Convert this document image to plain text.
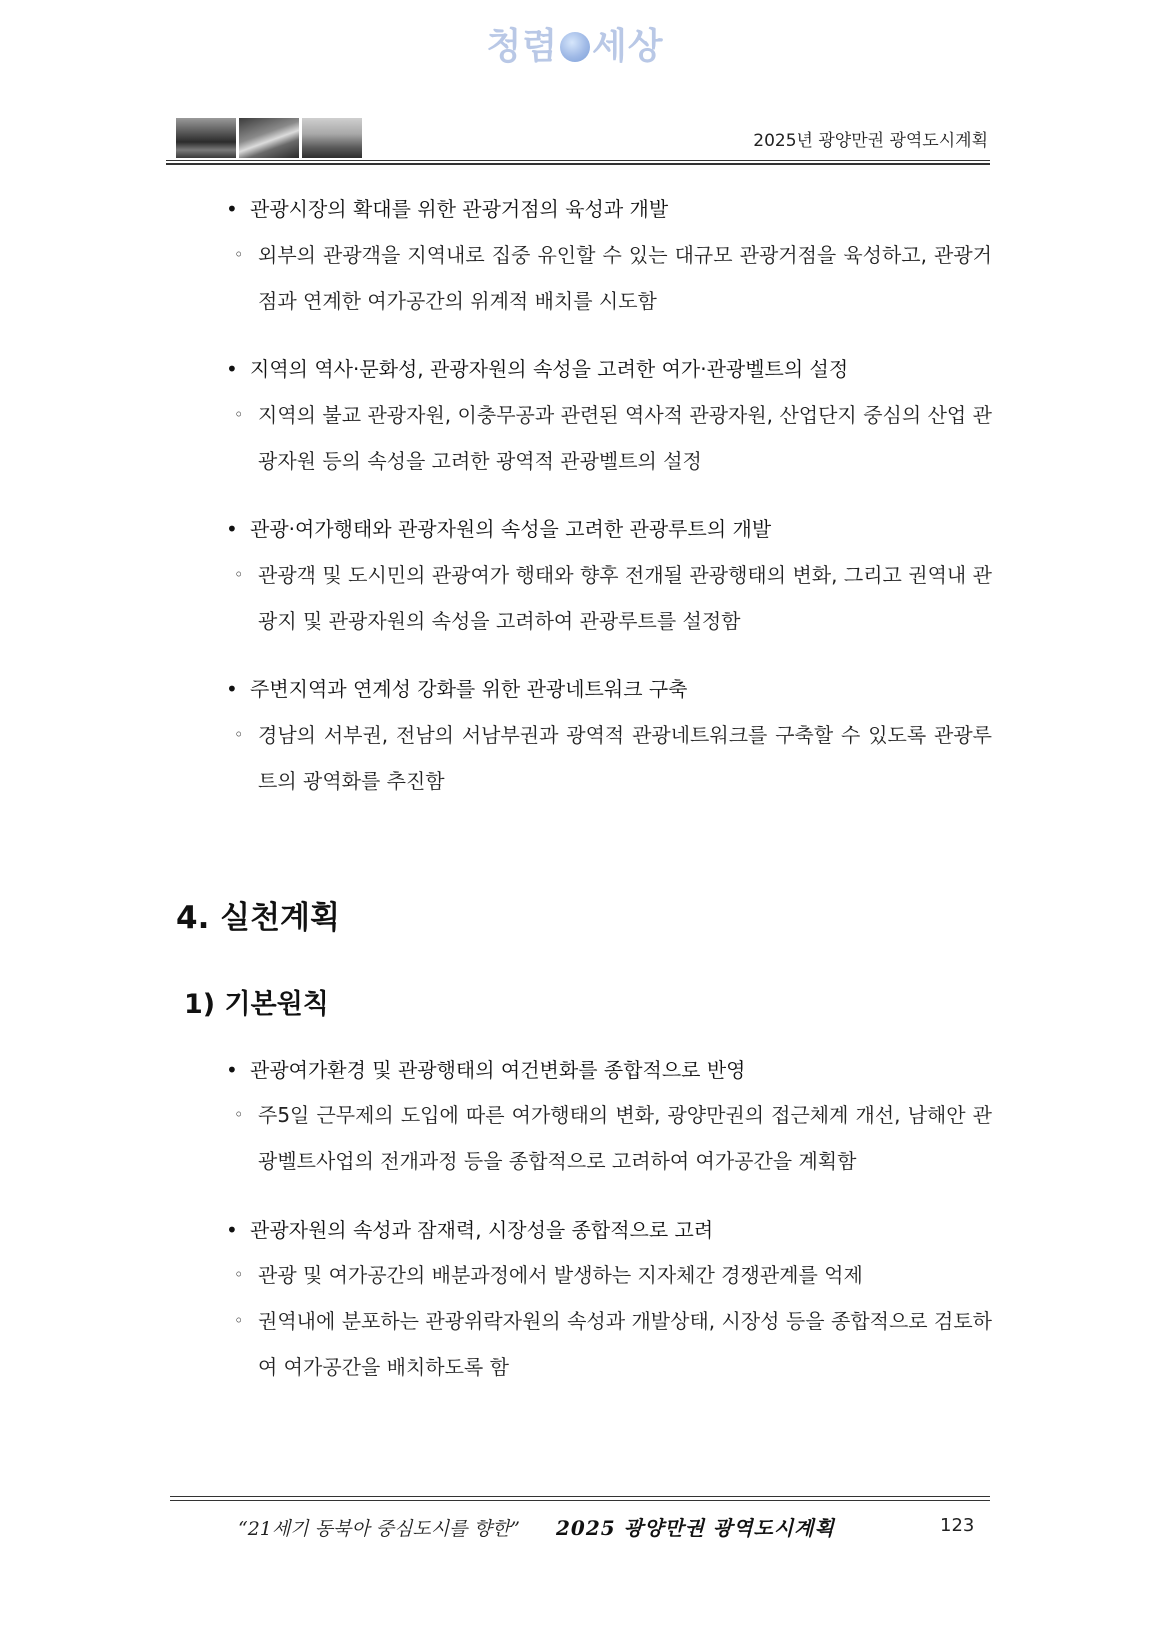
청렴 세상
2025년 광양만권 광역도시계획
• 관광시장의 확대를 위한 관광거점의 육성과 개발
◦ 외부의 관광객을 지역내로 집중 유인할 수 있는 대규모 관광거점을 육성하고, 관광거점과 연계한 여가공간의 위계적 배치를 시도함
• 지역의 역사·문화성, 관광자원의 속성을 고려한 여가·관광벨트의 설정
◦ 지역의 불교 관광자원, 이충무공과 관련된 역사적 관광자원, 산업단지 중심의 산업 관광자원 등의 속성을 고려한 광역적 관광벨트의 설정
• 관광·여가행태와 관광자원의 속성을 고려한 관광루트의 개발
◦ 관광객 및 도시민의 관광여가 행태와 향후 전개될 관광행태의 변화, 그리고 권역내 관광지 및 관광자원의 속성을 고려하여 관광루트를 설정함
• 주변지역과 연계성 강화를 위한 관광네트워크 구축
◦ 경남의 서부권, 전남의 서남부권과 광역적 관광네트워크를 구축할 수 있도록 관광루트의 광역화를 추진함
4. 실천계획
1) 기본원칙
• 관광여가환경 및 관광행태의 여건변화를 종합적으로 반영
◦ 주5일 근무제의 도입에 따른 여가행태의 변화, 광양만권의 접근체계 개선, 남해안 관광벨트사업의 전개과정 등을 종합적으로 고려하여 여가공간을 계획함
• 관광자원의 속성과 잠재력, 시장성을 종합적으로 고려
◦ 관광 및 여가공간의 배분과정에서 발생하는 지자체간 경쟁관계를 억제
◦ 권역내에 분포하는 관광위락자원의 속성과 개발상태, 시장성 등을 종합적으로 검토하여 여가공간을 배치하도록 함
“21세기 동북아 중심도시를 향한” 2025 광양만권 광역도시계획	123
